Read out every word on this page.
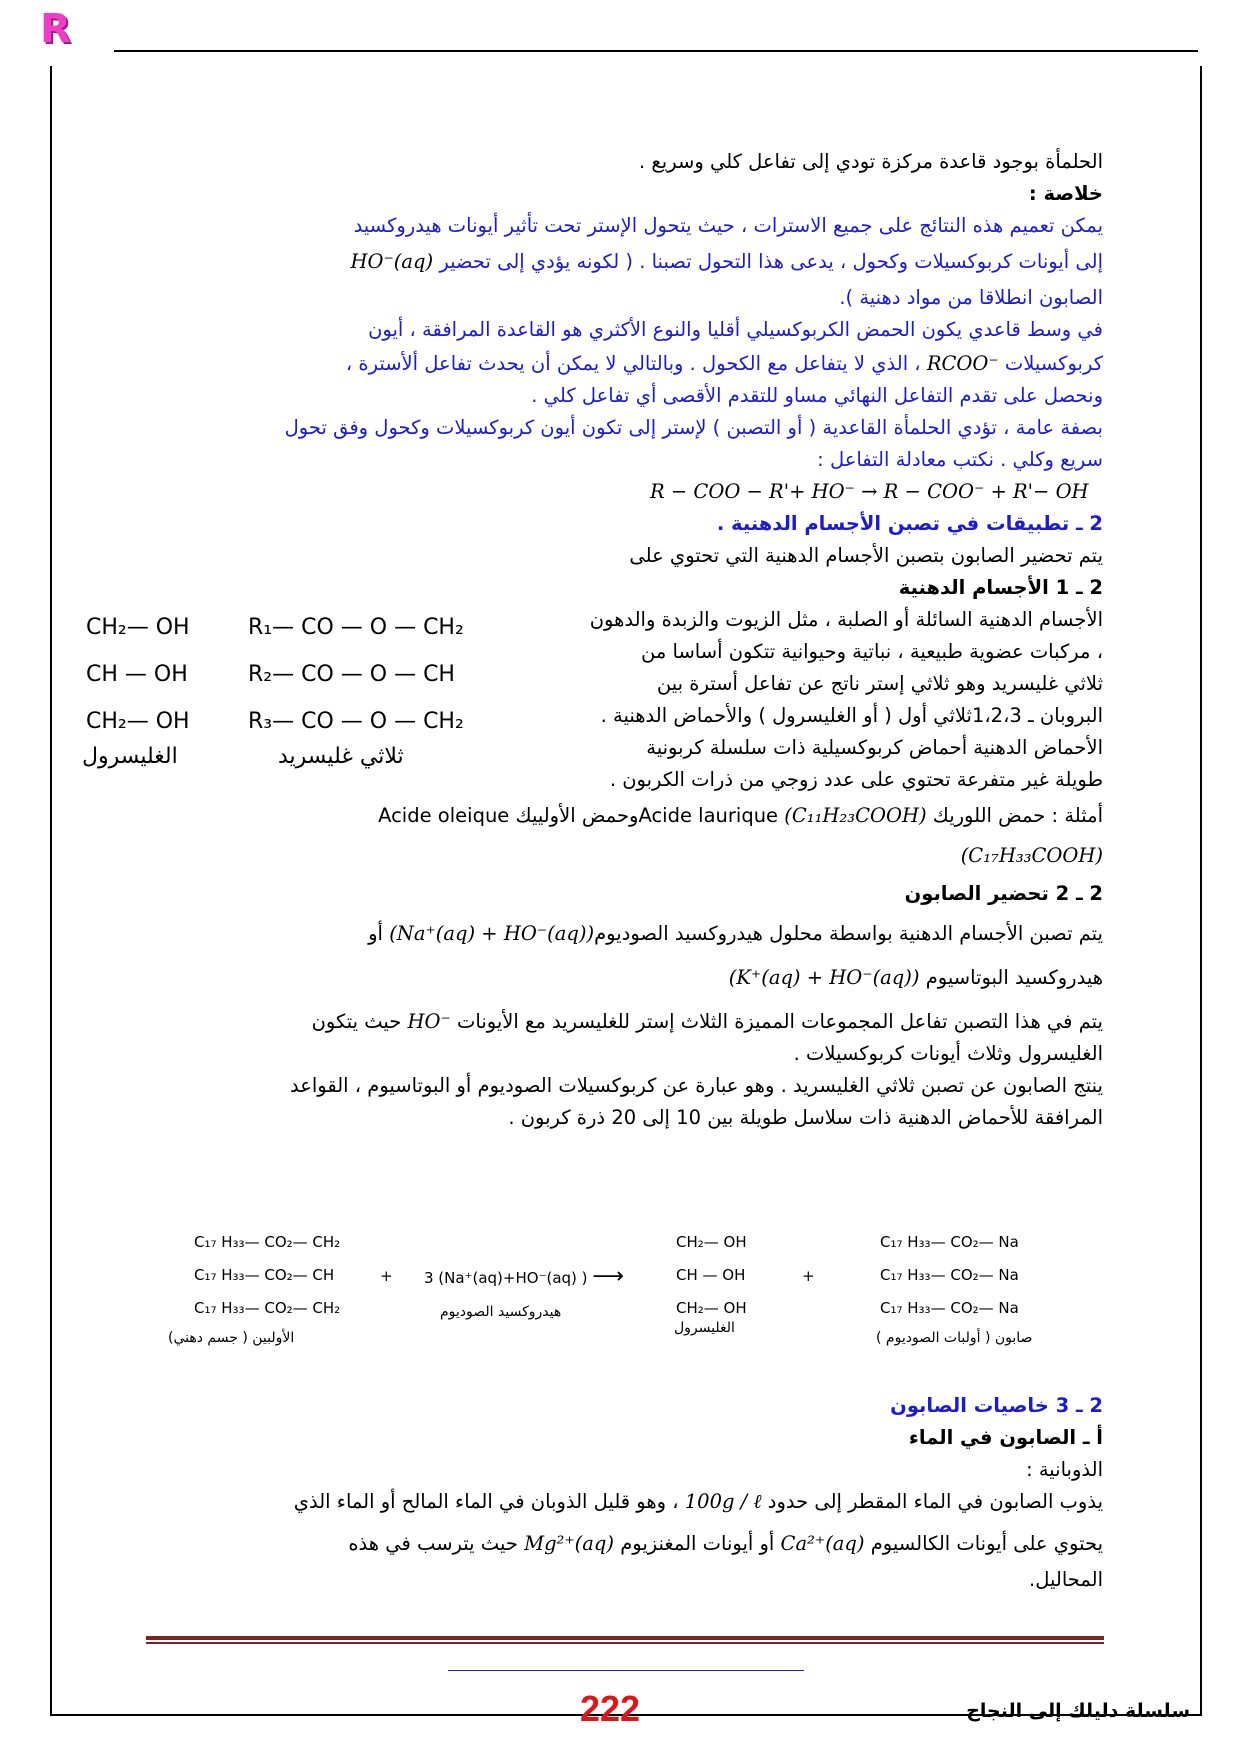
R

الحلمأة بوجود قاعدة مركزة تودي إلى تفاعل كلي وسريع .

خلاصة :

يمكن تعميم هذه النتائج على جميع الاسترات ، حيث يتحول الإستر تحت تأثير أيونات هيدروكسيد

إلى أيونات كربوكسيلات وكحول ، يدعى هذا التحول تصبنا . ( لكونه يؤدي إلى تحضير HO⁻(aq)

الصابون انطلاقا من مواد دهنية ).

في وسط قاعدي يكون الحمض الكربوكسيلي أقليا والنوع الأكثري هو القاعدة المرافقة ، أيون

كربوكسيلات RCOO⁻ ، الذي لا يتفاعل مع الكحول . وبالتالي لا يمكن أن يحدث تفاعل ألأسترة ،

ونحصل على تقدم التفاعل النهائي مساو للتقدم الأقصى أي تفاعل كلي .

بصفة عامة ، تؤدي الحلمأة القاعدية ( أو التصبن ) لإستر إلى تكون أيون كربوكسيلات وكحول وفق تحول

سريع وكلي . نكتب معادلة التفاعل :

R − COO − R'+ HO⁻ → R − COO⁻ + R'− OH

2 ـ تطبيقات في تصبن الأجسام الدهنية .

يتم تحضير الصابون بتصبن الأجسام الدهنية التي تحتوي على

2 ـ 1 الأجسام الدهنية

الأجسام الدهنية السائلة أو الصلبة ، مثل الزيوت والزبدة والدهون

، مركبات عضوية طبيعية ، نباتية وحيوانية تتكون أساسا من

ثلاثي غليسريد وهو ثلاثي إستر ناتج عن تفاعل أسترة بين

البروبان ـ 1،2،3ثلاثي أول ( أو الغليسرول ) والأحماض الدهنية .

الأحماض الدهنية أحماض كربوكسيلية ذات سلسلة كربونية

طويلة غير متفرعة تحتوي على عدد زوجي من ذرات الكربون .

أمثلة : حمض اللوريك Acide laurique (C₁₁H₂₃COOH)وحمض الأولييك Acide oleique

(C₁₇H₃₃COOH)

2 ـ 2 تحضير الصابون

يتم تصبن الأجسام الدهنية بواسطة محلول هيدروكسيد الصوديوم(Na⁺(aq) + HO⁻(aq)) أو

هيدروكسيد البوتاسيوم (K⁺(aq) + HO⁻(aq))

يتم في هذا التصبن تفاعل المجموعات المميزة الثلاث إستر للغليسريد مع الأيونات HO⁻ حيث يتكون

الغليسرول وثلاث أيونات كربوكسيلات .

ينتج الصابون عن تصبن ثلاثي الغليسريد . وهو عبارة عن كربوكسيلات الصوديوم أو البوتاسيوم ، القواعد

المرافقة للأحماض الدهنية ذات سلاسل طويلة بين 10 إلى 20 ذرة كربون .

R₁— CO — O — CH₂
R₂— CO — O — CH
R₃— CO — O — CH₂
ثلاثي غليسريد
CH₂— OH
CH — OH
CH₂— OH
الغليسرول
C₁₇ H₃₃— CO₂— CH₂
C₁₇ H₃₃— CO₂— CH
C₁₇ H₃₃— CO₂— CH₂
الأولبين ( جسم دهني)
+ 3 (Na⁺(aq)+HO⁻(aq) ) ⟶
هيدروكسيد الصوديوم
CH₂— OH
CH — OH
CH₂— OH
الغليسرول
+
C₁₇ H₃₃— CO₂— Na
C₁₇ H₃₃— CO₂— Na
C₁₇ H₃₃— CO₂— Na
صابون ( أولبات الصوديوم )

2 ـ 3 خاصيات الصابون

أ ـ الصابون في الماء

الذوبانية :

يذوب الصابون في الماء المقطر إلى حدود 100g / ℓ ، وهو قليل الذوبان في الماء المالح أو الماء الذي

يحتوي على أيونات الكالسيوم Ca²⁺(aq) أو أيونات المغنزيوم Mg²⁺(aq) حيث يترسب في هذه

المحاليل.

222	سلسلة دليلك إلى النجاح
